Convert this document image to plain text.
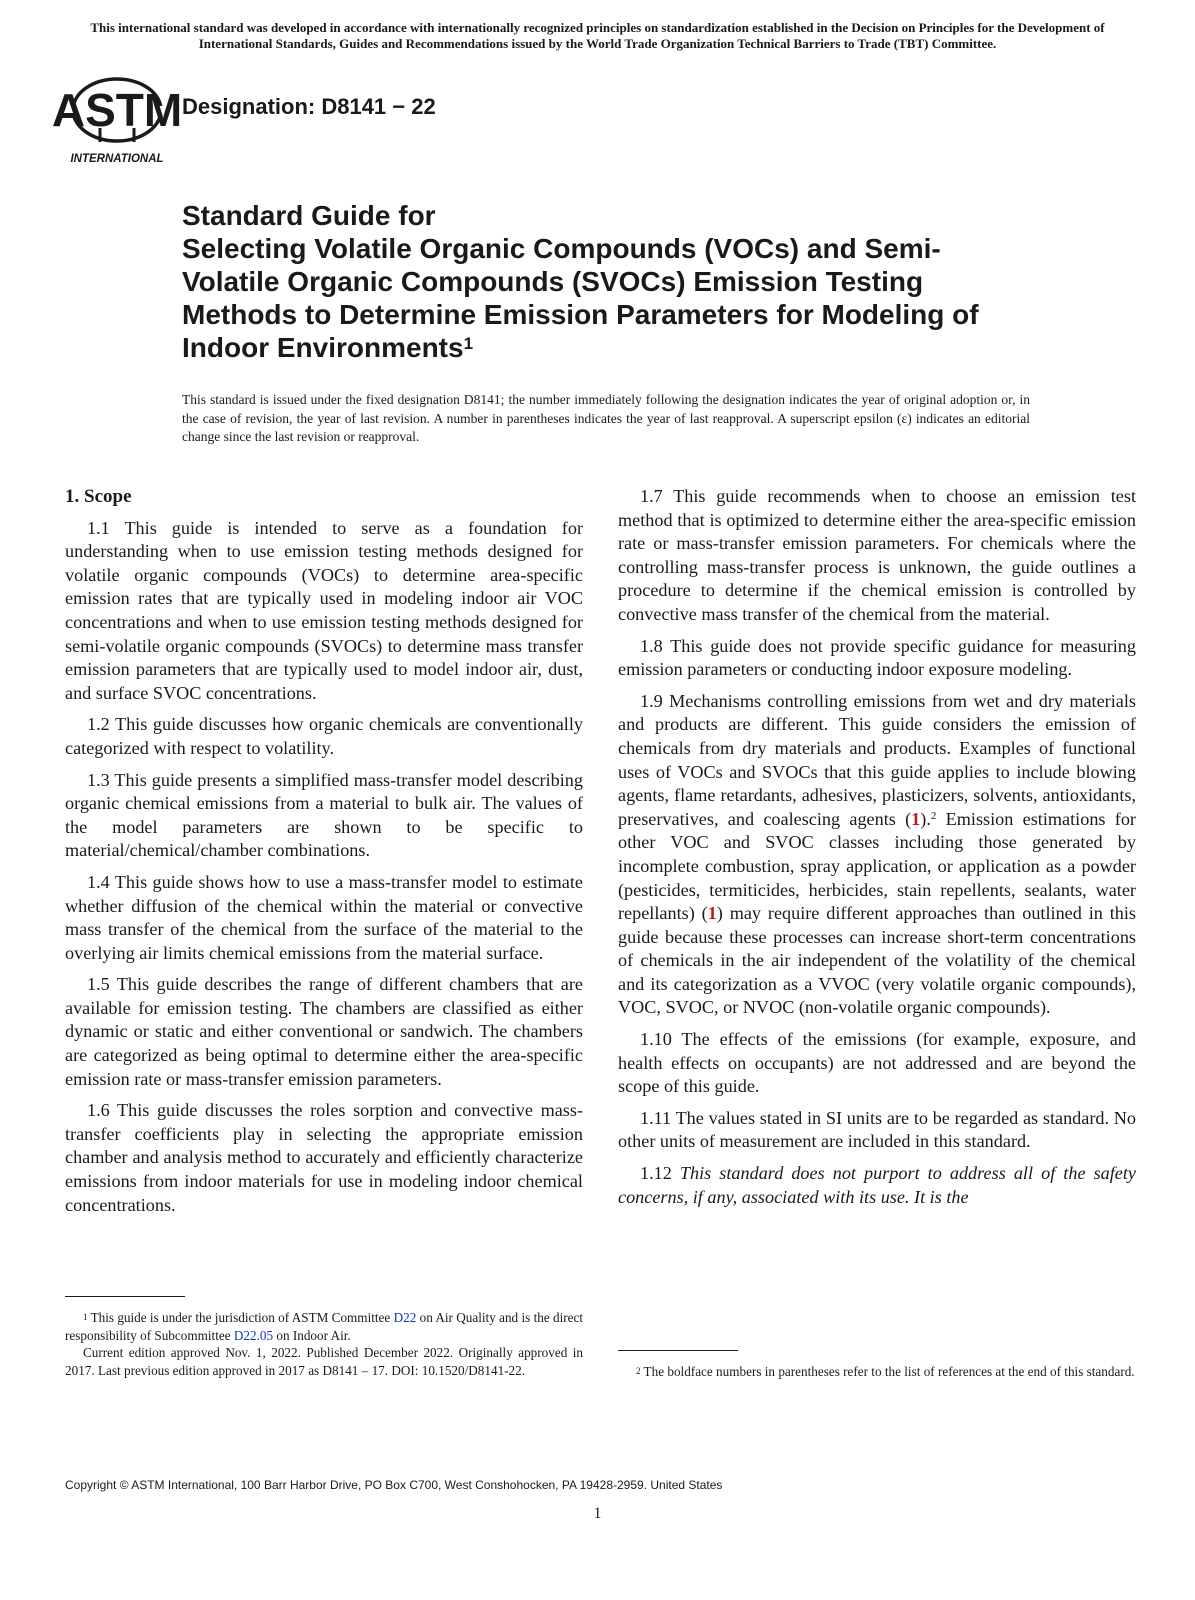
This international standard was developed in accordance with internationally recognized principles on standardization established in the Decision on Principles for the Development of International Standards, Guides and Recommendations issued by the World Trade Organization Technical Barriers to Trade (TBT) Committee.
ASTM
INTERNATIONAL
Designation: D8141 − 22
Standard Guide for
Selecting Volatile Organic Compounds (VOCs) and Semi-
Volatile Organic Compounds (SVOCs) Emission Testing
Methods to Determine Emission Parameters for Modeling of
Indoor Environments$^1$
This standard is issued under the fixed designation D8141; the number immediately following the designation indicates the year of original adoption or, in the case of revision, the year of last revision. A number in parentheses indicates the year of last reapproval. A superscript epsilon (ε) indicates an editorial change since the last revision or reapproval.
1. Scope

1.1 This guide is intended to serve as a foundation for understanding when to use emission testing methods designed for volatile organic compounds (VOCs) to determine area-specific emission rates that are typically used in modeling indoor air VOC concentrations and when to use emission testing methods designed for semi-volatile organic compounds (SVOCs) to determine mass transfer emission parameters that are typically used to model indoor air, dust, and surface SVOC concentrations.

1.2 This guide discusses how organic chemicals are conventionally categorized with respect to volatility.

1.3 This guide presents a simplified mass-transfer model describing organic chemical emissions from a material to bulk air. The values of the model parameters are shown to be specific to material/chemical/chamber combinations.

1.4 This guide shows how to use a mass-transfer model to estimate whether diffusion of the chemical within the material or convective mass transfer of the chemical from the surface of the material to the overlying air limits chemical emissions from the material surface.

1.5 This guide describes the range of different chambers that are available for emission testing. The chambers are classified as either dynamic or static and either conventional or sandwich. The chambers are categorized as being optimal to determine either the area-specific emission rate or mass-transfer emission parameters.

1.6 This guide discusses the roles sorption and convective mass-transfer coefficients play in selecting the appropriate emission chamber and analysis method to accurately and efficiently characterize emissions from indoor materials for use in modeling indoor chemical concentrations.

1.7 This guide recommends when to choose an emission test method that is optimized to determine either the area-specific emission rate or mass-transfer emission parameters. For chemicals where the controlling mass-transfer process is unknown, the guide outlines a procedure to determine if the chemical emission is controlled by convective mass transfer of the chemical from the material.

1.8 This guide does not provide specific guidance for measuring emission parameters or conducting indoor exposure modeling.

1.9 Mechanisms controlling emissions from wet and dry materials and products are different. This guide considers the emission of chemicals from dry materials and products. Examples of functional uses of VOCs and SVOCs that this guide applies to include blowing agents, flame retardants, adhesives, plasticizers, solvents, antioxidants, preservatives, and coalescing agents (1).$^2$ Emission estimations for other VOC and SVOC classes including those generated by incomplete combustion, spray application, or application as a powder (pesticides, termiticides, herbicides, stain repellents, sealants, water repellants) (1) may require different approaches than outlined in this guide because these processes can increase short-term concentrations of chemicals in the air independent of the volatility of the chemical and its categorization as a VVOC (very volatile organic compounds), VOC, SVOC, or NVOC (non-volatile organic compounds).

1.10 The effects of the emissions (for example, exposure, and health effects on occupants) are not addressed and are beyond the scope of this guide.

1.11 The values stated in SI units are to be regarded as standard. No other units of measurement are included in this standard.

1.12 This standard does not purport to address all of the safety concerns, if any, associated with its use. It is the

$^1$ This guide is under the jurisdiction of ASTM Committee D22 on Air Quality and is the direct responsibility of Subcommittee D22.05 on Indoor Air.

Current edition approved Nov. 1, 2022. Published December 2022. Originally approved in 2017. Last previous edition approved in 2017 as D8141 – 17. DOI: 10.1520/D8141-22.	$^2$ The boldface numbers in parentheses refer to the list of references at the end of this standard.

Copyright © ASTM International, 100 Barr Harbor Drive, PO Box C700, West Conshohocken, PA 19428-2959. United States
1
